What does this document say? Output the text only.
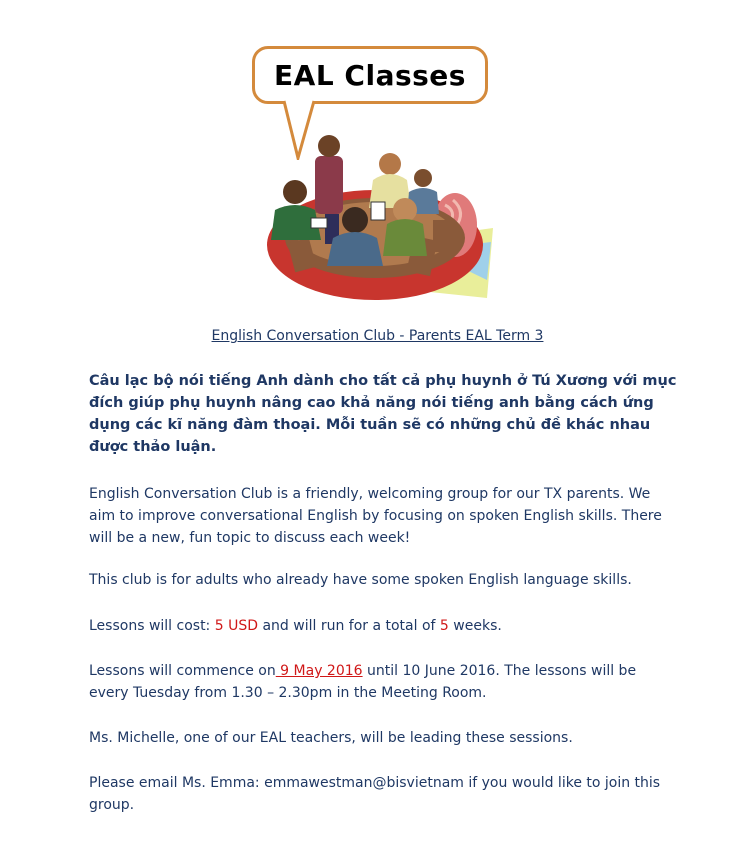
EAL Classes
English Conversation Club - Parents EAL Term 3

Câu lạc bộ nói tiếng Anh dành cho tất cả phụ huynh ở Tú Xương với mục đích giúp phụ huynh nâng cao khả năng nói tiếng anh bằng cách ứng dụng các kĩ năng đàm thoại. Mỗi tuần sẽ có những chủ đề khác nhau được thảo luận.

English Conversation Club is a friendly, welcoming group for our TX parents. We aim to improve conversational English by focusing on spoken English skills. There will be a new, fun topic to discuss each week!

This club is for adults who already have some spoken English language skills.

Lessons will cost: 5 USD and will run for a total of 5 weeks.

Lessons will commence on 9 May 2016 until 10 June 2016. The lessons will be every Tuesday from 1.30 – 2.30pm in the Meeting Room.

Ms. Michelle, one of our EAL teachers, will be leading these sessions.

Please email Ms. Emma: emmawestman@bisvietnam if you would like to join this group.
